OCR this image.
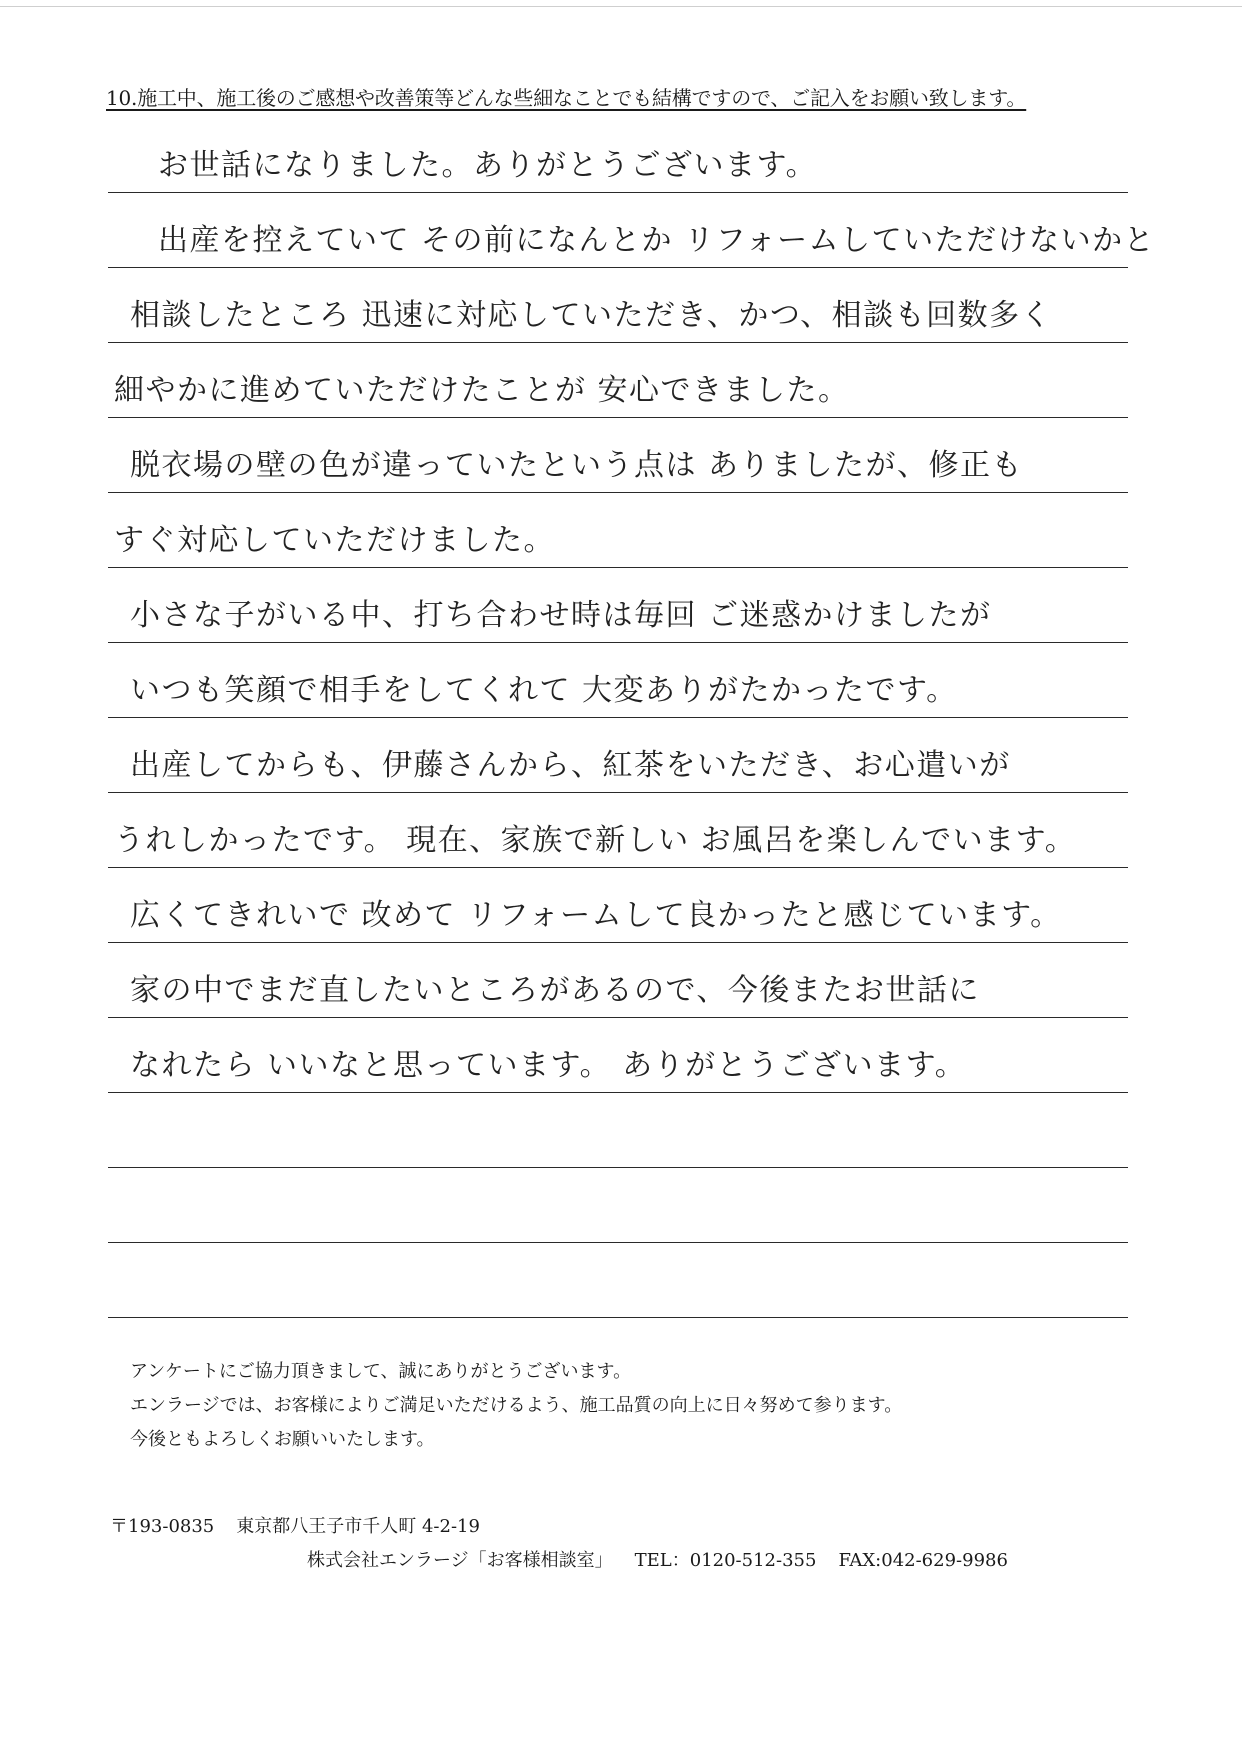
10.施工中、施工後のご感想や改善策等どんな些細なことでも結構ですので、ご記入をお願い致します。
お世話になりました。ありがとうございます。
出産を控えていて その前になんとか リフォームしていただけないかと
相談したところ 迅速に対応していただき、かつ、相談も回数多く
細やかに進めていただけたことが 安心できました。
脱衣場の壁の色が違っていたという点は ありましたが、修正も
すぐ対応していただけました。
小さな子がいる中、打ち合わせ時は毎回 ご迷惑かけましたが
いつも笑顔で相手をしてくれて 大変ありがたかったです。
出産してからも、伊藤さんから、紅茶をいただき、お心遣いが
うれしかったです。 現在、家族で新しい お風呂を楽しんでいます。
広くてきれいで 改めて リフォームして良かったと感じています。
家の中でまだ直したいところがあるので、今後またお世話に
なれたら いいなと思っています。 ありがとうございます。
アンケートにご協力頂きまして、誠にありがとうございます。
エンラージでは、お客様によりご満足いただけるよう、施工品質の向上に日々努めて参ります。
今後ともよろしくお願いいたします。
〒193-0835 東京都八王子市千人町 4-2-19
株式会社エンラージ「お客様相談室」 TEL：0120-512-355 FAX:042-629-9986
